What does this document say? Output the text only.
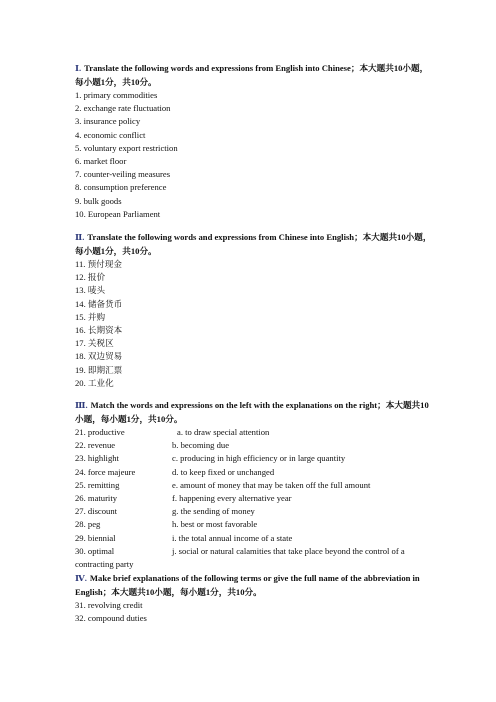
Ⅰ. Translate the following words and expressions from English into Chinese；本大题共10小题，每小题1分，共10分。

1. primary commodities
2. exchange rate fluctuation
3. insurance policy
4. economic conflict
5. voluntary export restriction
6. market floor
7. counter-veiling measures
8. consumption preference
9. bulk goods
10. European Parliament

Ⅱ. Translate the following words and expressions from Chinese into English；本大题共10小题，每小题1分，共10分。

11. 预付现金
12. 报价
13. 唛头
14. 储备货币
15. 并购
16. 长期资本
17. 关税区
18. 双边贸易
19. 即期汇票
20. 工业化

Ⅲ. Match the words and expressions on the left with the explanations on the right；本大题共10小题，每小题1分，共10分。

21. productive	a. to draw special attention
22. revenue	b. becoming due
23. highlight	c. producing in high efficiency or in large quantity
24. force majeure	d. to keep fixed or unchanged
25. remitting	e. amount of money that may be taken off the full amount
26. maturity	f. happening every alternative year
27. discount	g. the sending of money
28. peg	h. best or most favorable
29. biennial	i. the total annual income of a state
30. optimal	j. social or natural calamities that take place beyond the control of a contracting party

Ⅳ. Make brief explanations of the following terms or give the full name of the abbreviation in English；本大题共10小题，每小题1分，共10分。

31. revolving credit
32. compound duties
